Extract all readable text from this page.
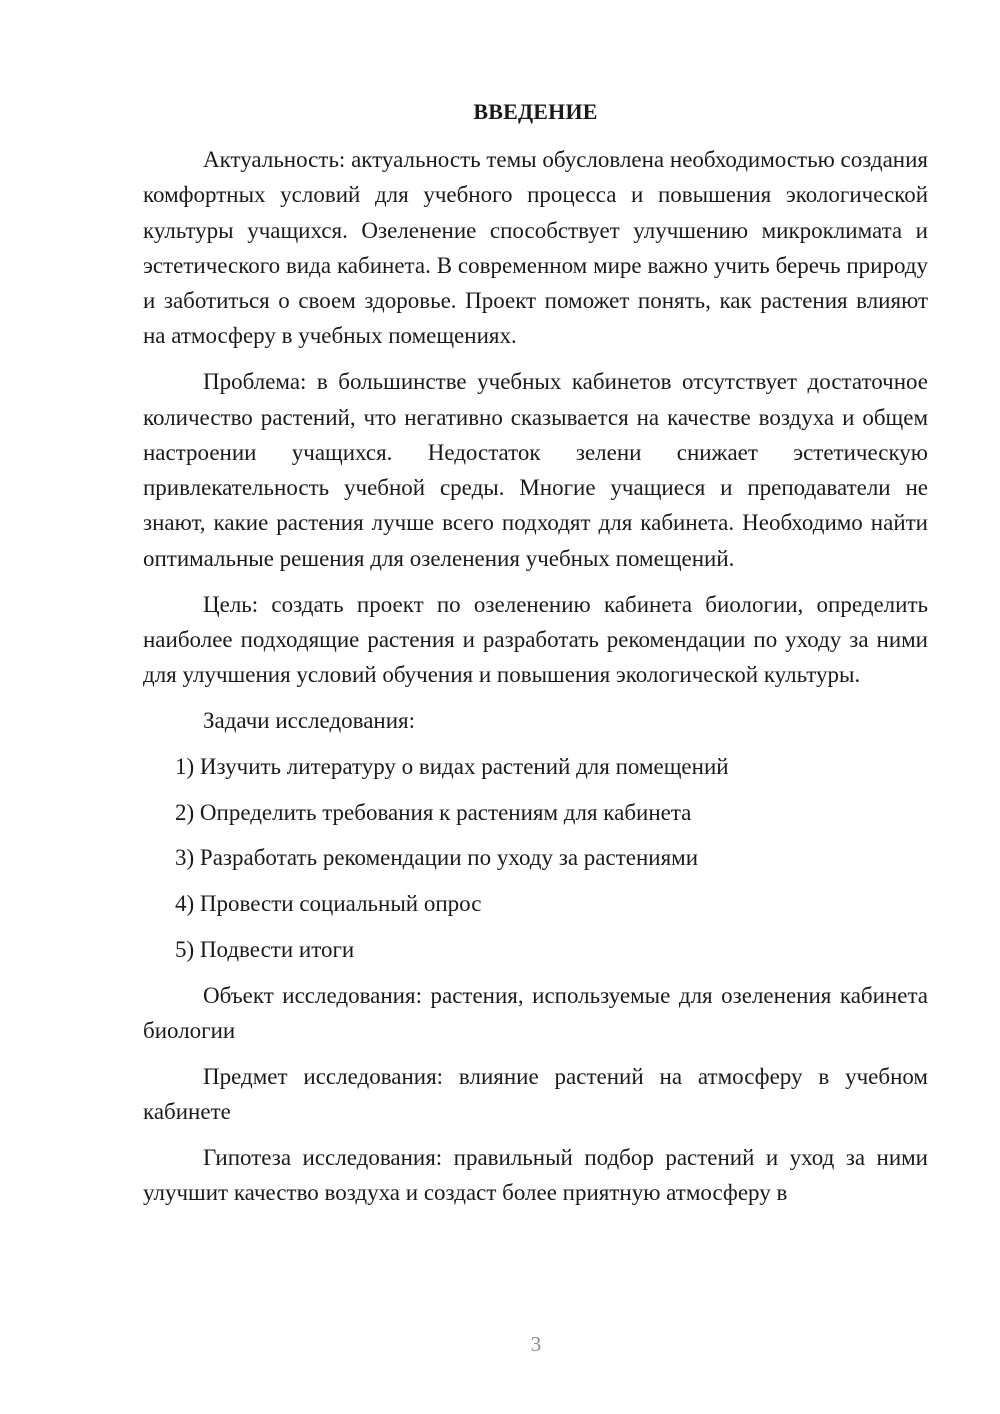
ВВЕДЕНИЕ

Актуальность: актуальность темы обусловлена необходимостью создания комфортных условий для учебного процесса и повышения экологической культуры учащихся. Озеленение способствует улучшению микроклимата и эстетического вида кабинета. В современном мире важно учить беречь природу и заботиться о своем здоровье. Проект поможет понять, как растения влияют на атмосферу в учебных помещениях.

Проблема: в большинстве учебных кабинетов отсутствует достаточное количество растений, что негативно сказывается на качестве воздуха и общем настроении учащихся. Недостаток зелени снижает эстетическую привлекательность учебной среды. Многие учащиеся и преподаватели не знают, какие растения лучше всего подходят для кабинета. Необходимо найти оптимальные решения для озеленения учебных помещений.

Цель: создать проект по озеленению кабинета биологии, определить наиболее подходящие растения и разработать рекомендации по уходу за ними для улучшения условий обучения и повышения экологической культуры.

Задачи исследования:

1) Изучить литературу о видах растений для помещений
2) Определить требования к растениям для кабинета
3) Разработать рекомендации по уходу за растениями
4) Провести социальный опрос
5) Подвести итоги

Объект исследования: растения, используемые для озеленения кабинета биологии

Предмет исследования: влияние растений на атмосферу в учебном кабинете

Гипотеза исследования: правильный подбор растений и уход за ними улучшит качество воздуха и создаст более приятную атмосферу в

3
